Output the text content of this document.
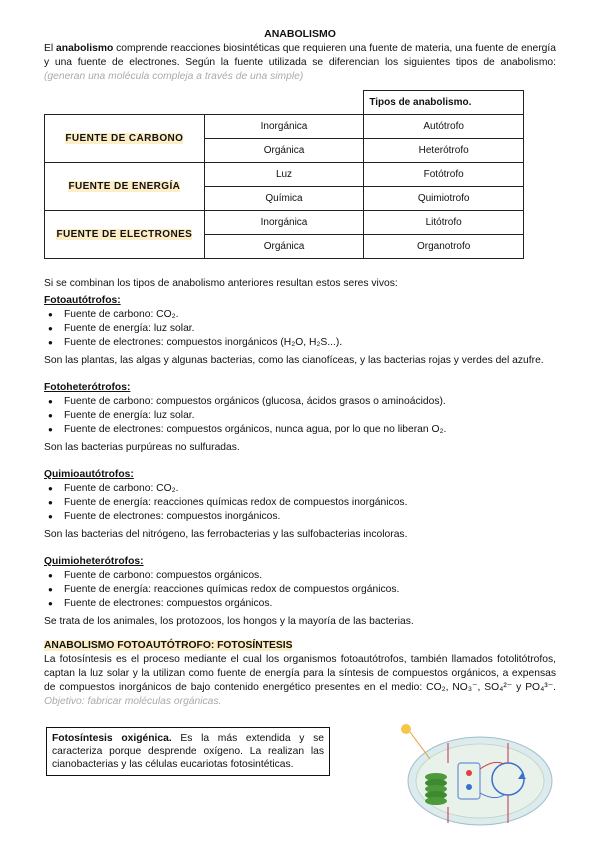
ANABOLISMO

El anabolismo comprende reacciones biosintéticas que requieren una fuente de materia, una fuente de energía y una fuente de electrones. Según la fuente utilizada se diferencian los siguientes tipos de anabolismo: (generan una molécula compleja a través de una simple)

		Tipos de anabolismo.
FUENTE DE CARBONO	Inorgánica	Autótrofo
	Orgánica	Heterótrofo
FUENTE DE ENERGÍA	Luz	Fotótrofo
	Química	Quimiotrofo
FUENTE DE ELECTRONES	Inorgánica	Litótrofo
	Orgánica	Organotrofo

Si se combinan los tipos de anabolismo anteriores resultan estos seres vivos:

Fotoautótrofos:

● Fuente de carbono: CO₂.
● Fuente de energía: luz solar.
● Fuente de electrones: compuestos inorgánicos (H₂O, H₂S...).

Son las plantas, las algas y algunas bacterias, como las cianofíceas, y las bacterias rojas y verdes del azufre.

Fotoheterótrofos:

● Fuente de carbono: compuestos orgánicos (glucosa, ácidos grasos o aminoácidos).
● Fuente de energía: luz solar.
● Fuente de electrones: compuestos orgánicos, nunca agua, por lo que no liberan O₂.

Son las bacterias purpúreas no sulfuradas.

Quimioautótrofos:

● Fuente de carbono: CO₂.
● Fuente de energía: reacciones químicas redox de compuestos inorgánicos.
● Fuente de electrones: compuestos inorgánicos.

Son las bacterias del nitrógeno, las ferrobacterias y las sulfobacterias incoloras.

Quimioheterótrofos:

● Fuente de carbono: compuestos orgánicos.
● Fuente de energía: reacciones químicas redox de compuestos orgánicos.
● Fuente de electrones: compuestos orgánicos.

Se trata de los animales, los protozoos, los hongos y la mayoría de las bacterias.

ANABOLISMO FOTOAUTÓTROFO: FOTOSÍNTESIS

La fotosíntesis es el proceso mediante el cual los organismos fotoautótrofos, también llamados fotolitótrofos, captan la luz solar y la utilizan como fuente de energía para la síntesis de compuestos orgánicos, a expensas de compuestos inorgánicos de bajo contenido energético presentes en el medio: CO₂, NO₃⁻, SO₄²⁻ y PO₄³⁻. Objetivo: fabricar moléculas orgánicas.

Fotosíntesis oxigénica. Es la más extendida y se caracteriza porque desprende oxígeno. La realizan las cianobacterias y las células eucariotas fotosintéticas.
